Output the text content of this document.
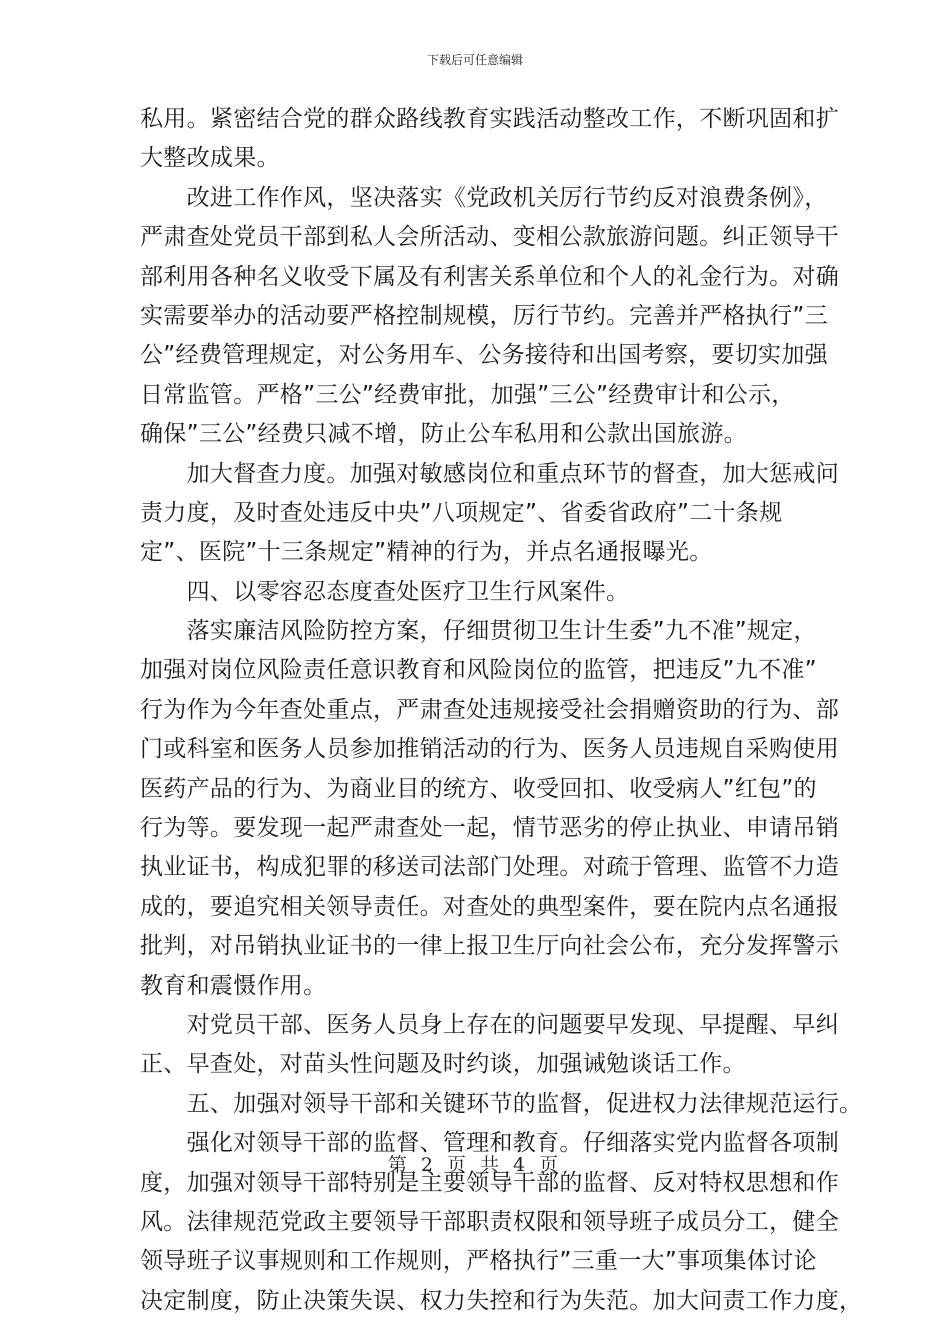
下载后可任意编辑
私用。紧密结合党的群众路线教育实践活动整改工作，不断巩固和扩
大整改成果。
　　改进工作作风，坚决落实《党政机关厉行节约反对浪费条例》，
严肃查处党员干部到私人会所活动、变相公款旅游问题。纠正领导干
部利用各种名义收受下属及有利害关系单位和个人的礼金行为。对确
实需要举办的活动要严格控制规模，厉行节约。完善并严格执行”三
公”经费管理规定，对公务用车、公务接待和出国考察，要切实加强
日常监管。严格”三公”经费审批，加强”三公”经费审计和公示，
确保”三公”经费只减不增，防止公车私用和公款出国旅游。
　　加大督查力度。加强对敏感岗位和重点环节的督查，加大惩戒问
责力度，及时查处违反中央”八项规定”、省委省政府”二十条规
定”、医院”十三条规定”精神的行为，并点名通报曝光。
　　四、以零容忍态度查处医疗卫生行风案件。
　　落实廉洁风险防控方案，仔细贯彻卫生计生委”九不准”规定，
加强对岗位风险责任意识教育和风险岗位的监管，把违反”九不准”
行为作为今年查处重点，严肃查处违规接受社会捐赠资助的行为、部
门或科室和医务人员参加推销活动的行为、医务人员违规自采购使用
医药产品的行为、为商业目的统方、收受回扣、收受病人”红包”的
行为等。要发现一起严肃查处一起，情节恶劣的停止执业、申请吊销
执业证书，构成犯罪的移送司法部门处理。对疏于管理、监管不力造
成的，要追究相关领导责任。对查处的典型案件，要在院内点名通报
批判，对吊销执业证书的一律上报卫生厅向社会公布，充分发挥警示
教育和震慑作用。
　　对党员干部、医务人员身上存在的问题要早发现、早提醒、早纠
正、早查处，对苗头性问题及时约谈，加强诫勉谈话工作。
　　五、加强对领导干部和关键环节的监督，促进权力法律规范运行。
　　强化对领导干部的监督、管理和教育。仔细落实党内监督各项制
度，加强对领导干部特别是主要领导干部的监督、反对特权思想和作
风。法律规范党政主要领导干部职责权限和领导班子成员分工，健全
领导班子议事规则和工作规则，严格执行”三重一大”事项集体讨论
决定制度，防止决策失误、权力失控和行为失范。加大问责工作力度，
第 2 页 共 4 页
